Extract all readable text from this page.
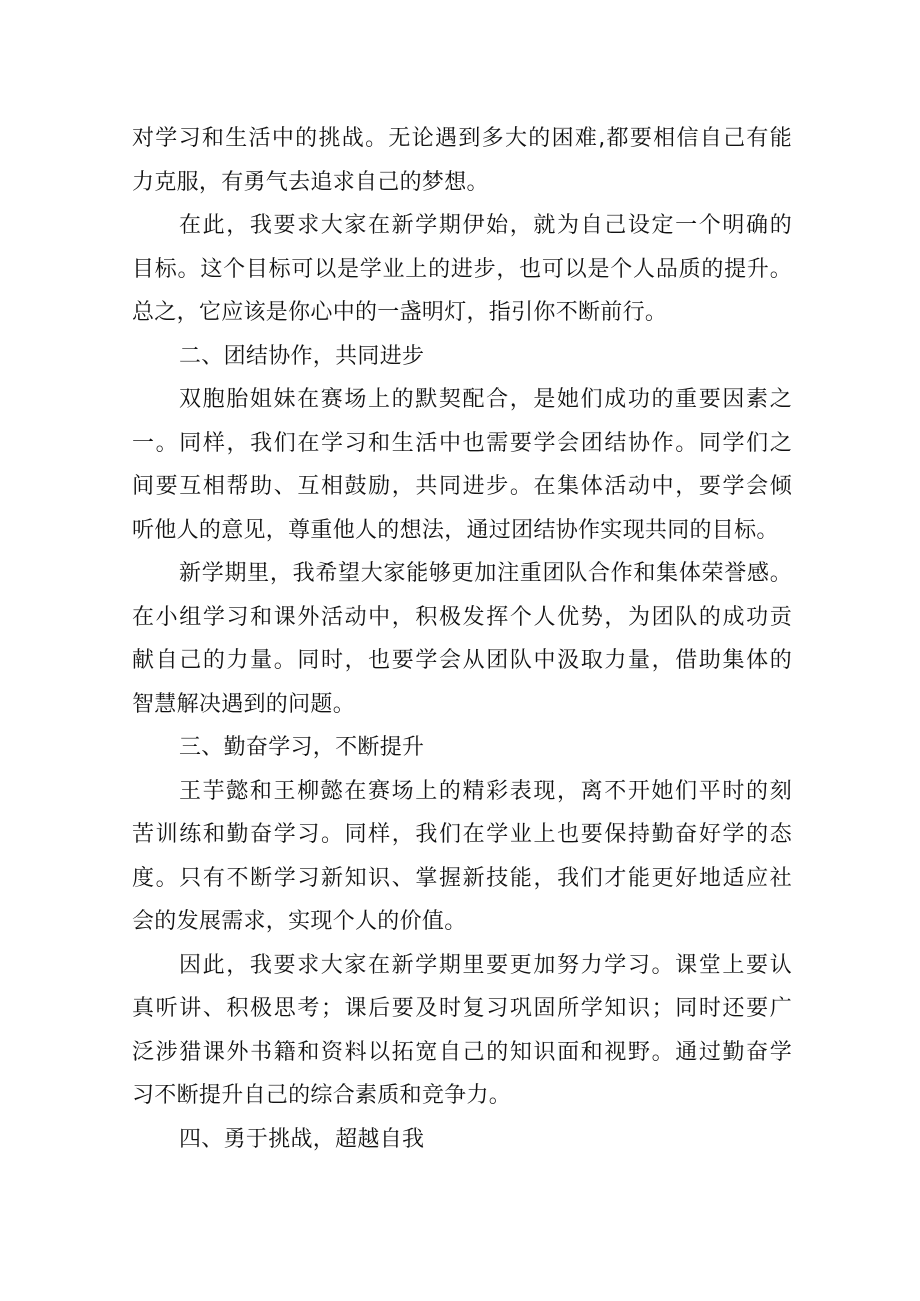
对学习和生活中的挑战。无论遇到多大的困难,都要相信自己有能
力克服，有勇气去追求自己的梦想。
在此，我要求大家在新学期伊始，就为自己设定一个明确的
目标。这个目标可以是学业上的进步，也可以是个人品质的提升。
总之，它应该是你心中的一盏明灯，指引你不断前行。
二、团结协作，共同进步
双胞胎姐妹在赛场上的默契配合，是她们成功的重要因素之
一。同样，我们在学习和生活中也需要学会团结协作。同学们之
间要互相帮助、互相鼓励，共同进步。在集体活动中，要学会倾
听他人的意见，尊重他人的想法，通过团结协作实现共同的目标。
新学期里，我希望大家能够更加注重团队合作和集体荣誉感。
在小组学习和课外活动中，积极发挥个人优势，为团队的成功贡
献自己的力量。同时，也要学会从团队中汲取力量，借助集体的
智慧解决遇到的问题。
三、勤奋学习，不断提升
王芋懿和王柳懿在赛场上的精彩表现，离不开她们平时的刻
苦训练和勤奋学习。同样，我们在学业上也要保持勤奋好学的态
度。只有不断学习新知识、掌握新技能，我们才能更好地适应社
会的发展需求，实现个人的价值。
因此，我要求大家在新学期里要更加努力学习。课堂上要认
真听讲、积极思考；课后要及时复习巩固所学知识；同时还要广
泛涉猎课外书籍和资料以拓宽自己的知识面和视野。通过勤奋学
习不断提升自己的综合素质和竞争力。
四、勇于挑战，超越自我
